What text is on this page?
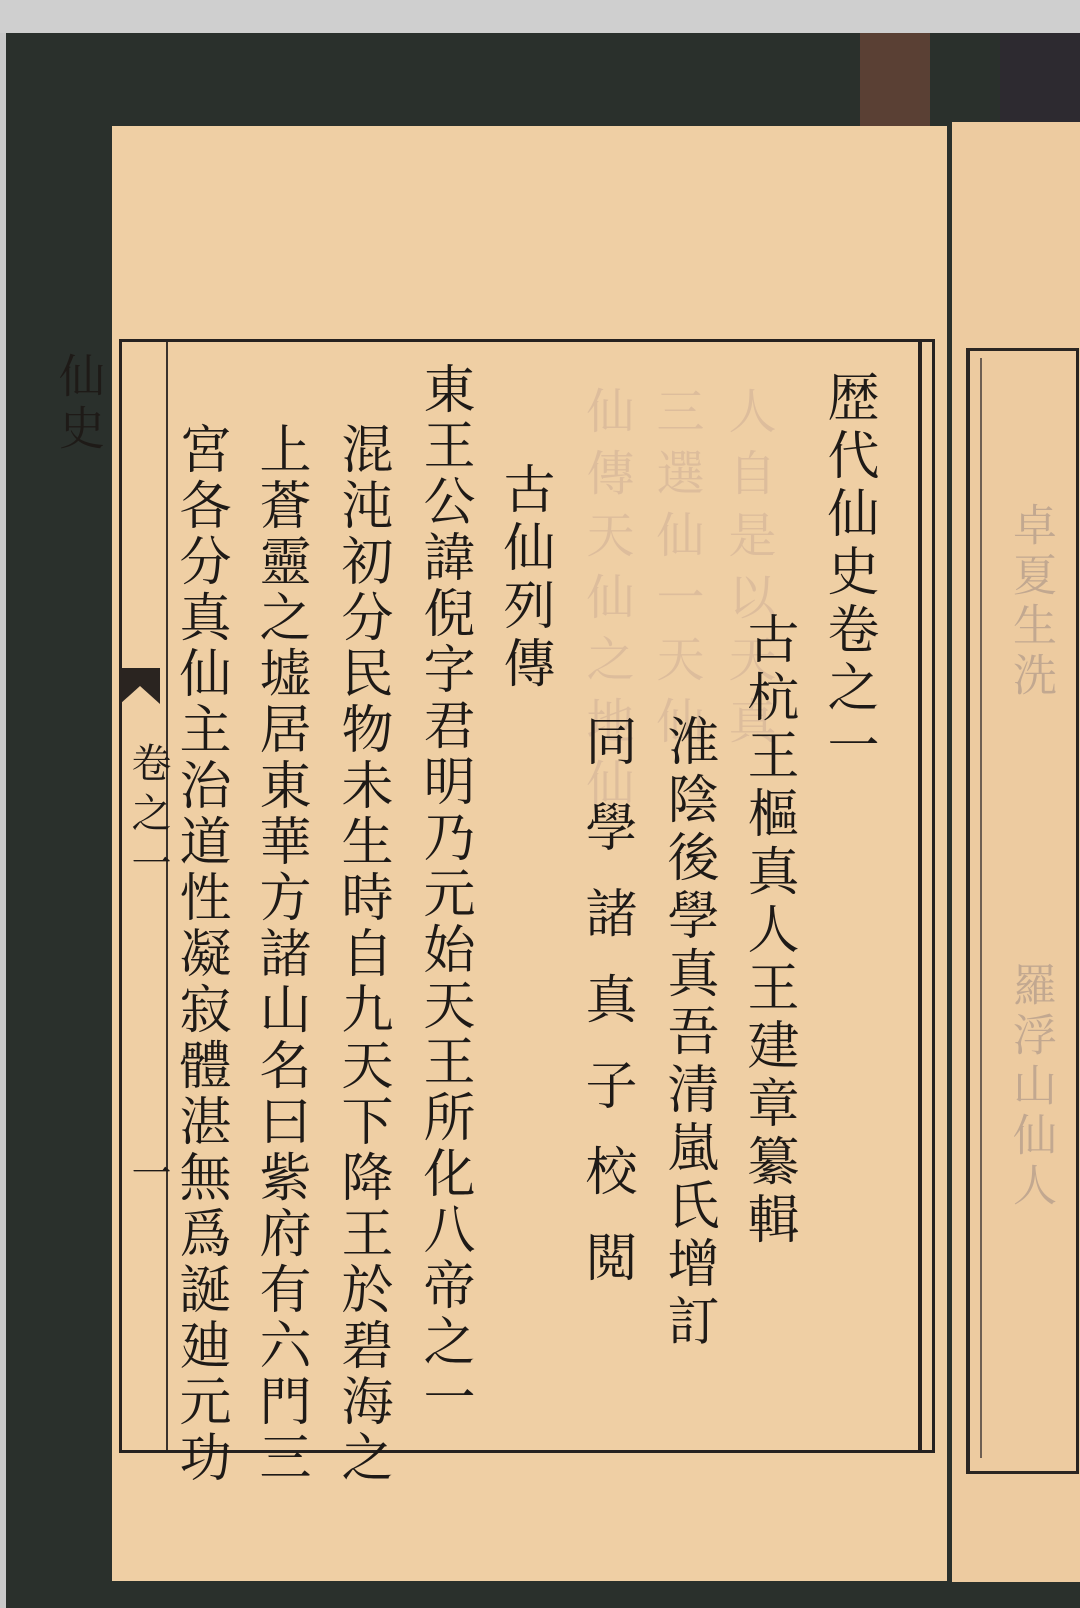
仙傳天仙之地仙 三選仙一天仙 人自是以天真
仙史
卷之一
一
歴代仙史卷之一
古杭王樞真人王建章纂輯
淮陰後學真吾清嵐氏增訂
同學諸真子校閲
古仙列傳
東王公諱倪字君明乃元始天王所化八帝之一
混沌初分民物未生時自九天下降王於碧海之
上蒼靈之墟居東華方諸山名曰紫府有六門三
宮各分真仙主治道性凝寂體湛無爲誕廸元功	卓夏生洗
羅浮山仙人
